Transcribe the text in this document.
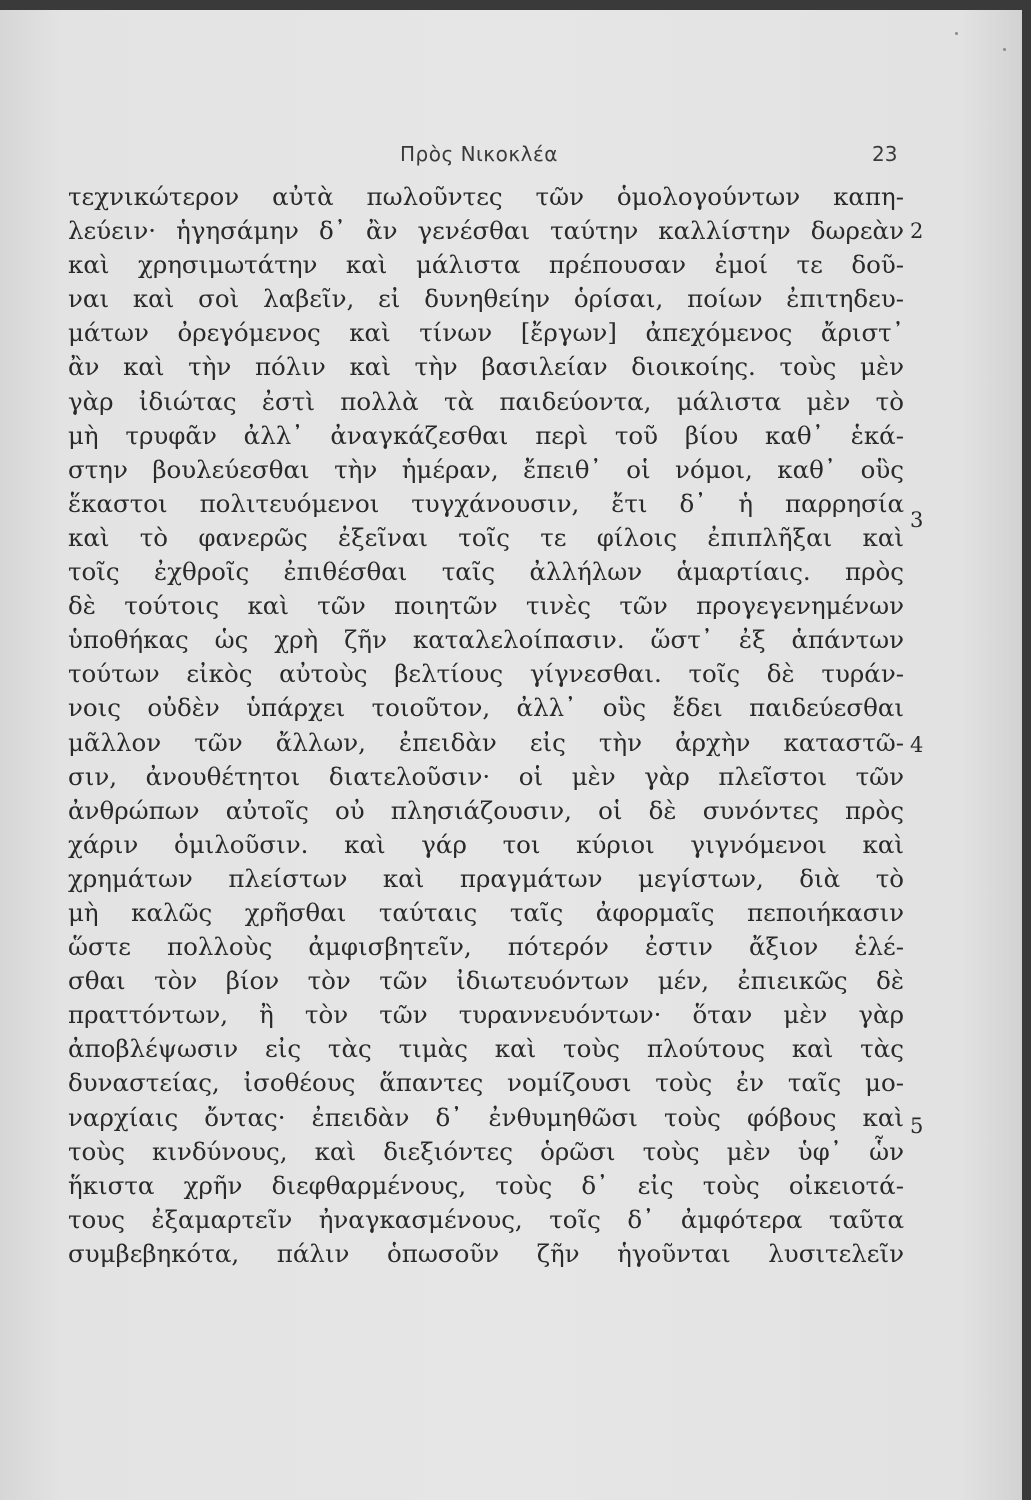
Πρὸς Νικοκλέα	23
τεχνικώτερον αὐτὰ πωλοῦντες τῶν ὁμολογούντων καπη-
λεύειν· ἡγησάμην δ᾽ ἂν γενέσθαι ταύτην καλλίστην δωρεὰν
καὶ χρησιμωτάτην καὶ μάλιστα πρέπουσαν ἐμοί τε δοῦ-
ναι καὶ σοὶ λαβεῖν, εἰ δυνηθείην ὁρίσαι, ποίων ἐπιτηδευ-
μάτων ὀρεγόμενος καὶ τίνων [ἔργων] ἀπεχόμενος ἄριστ᾽
ἂν καὶ τὴν πόλιν καὶ τὴν βασιλείαν διοικοίης. τοὺς μὲν
γὰρ ἰδιώτας ἐστὶ πολλὰ τὰ παιδεύοντα, μάλιστα μὲν τὸ
μὴ τρυφᾶν ἀλλ᾽ ἀναγκάζεσθαι περὶ τοῦ βίου καθ᾽ ἑκά-
στην βουλεύεσθαι τὴν ἡμέραν, ἔπειθ᾽ οἱ νόμοι, καθ᾽ οὓς
ἕκαστοι πολιτευόμενοι τυγχάνουσιν, ἔτι δ᾽ ἡ παρρησία
καὶ τὸ φανερῶς ἐξεῖναι τοῖς τε φίλοις ἐπιπλῆξαι καὶ
τοῖς ἐχθροῖς ἐπιθέσθαι ταῖς ἀλλήλων ἁμαρτίαις. πρὸς
δὲ τούτοις καὶ τῶν ποιητῶν τινὲς τῶν προγεγενημένων
ὑποθήκας ὡς χρὴ ζῆν καταλελοίπασιν. ὥστ᾽ ἐξ ἁπάντων
τούτων εἰκὸς αὐτοὺς βελτίους γίγνεσθαι. τοῖς δὲ τυράν-
νοις οὐδὲν ὑπάρχει τοιοῦτον, ἀλλ᾽ οὓς ἔδει παιδεύεσθαι
μᾶλλον τῶν ἄλλων, ἐπειδὰν εἰς τὴν ἀρχὴν καταστῶ-
σιν, ἀνουθέτητοι διατελοῦσιν· οἱ μὲν γὰρ πλεῖστοι τῶν
ἀνθρώπων αὐτοῖς οὐ πλησιάζουσιν, οἱ δὲ συνόντες πρὸς
χάριν ὁμιλοῦσιν. καὶ γάρ τοι κύριοι γιγνόμενοι καὶ
χρημάτων πλείστων καὶ πραγμάτων μεγίστων, διὰ τὸ
μὴ καλῶς χρῆσθαι ταύταις ταῖς ἀφορμαῖς πεποιήκασιν
ὥστε πολλοὺς ἀμφισβητεῖν, πότερόν ἐστιν ἄξιον ἑλέ-
σθαι τὸν βίον τὸν τῶν ἰδιωτευόντων μέν, ἐπιεικῶς δὲ
πραττόντων, ἢ τὸν τῶν τυραννευόντων· ὅταν μὲν γὰρ
ἀποβλέψωσιν εἰς τὰς τιμὰς καὶ τοὺς πλούτους καὶ τὰς
δυναστείας, ἰσοθέους ἅπαντες νομίζουσι τοὺς ἐν ταῖς μο-
ναρχίαις ὄντας· ἐπειδὰν δ᾽ ἐνθυμηθῶσι τοὺς φόβους καὶ
τοὺς κινδύνους, καὶ διεξιόντες ὁρῶσι τοὺς μὲν ὑφ᾽ ὧν
ἥκιστα χρῆν διεφθαρμένους, τοὺς δ᾽ εἰς τοὺς οἰκειοτά-
τους ἐξαμαρτεῖν ἠναγκασμένους, τοῖς δ᾽ ἀμφότερα ταῦτα
συμβεβηκότα, πάλιν ὁπωσοῦν ζῆν ἡγοῦνται λυσιτελεῖν
2
3
4
5
